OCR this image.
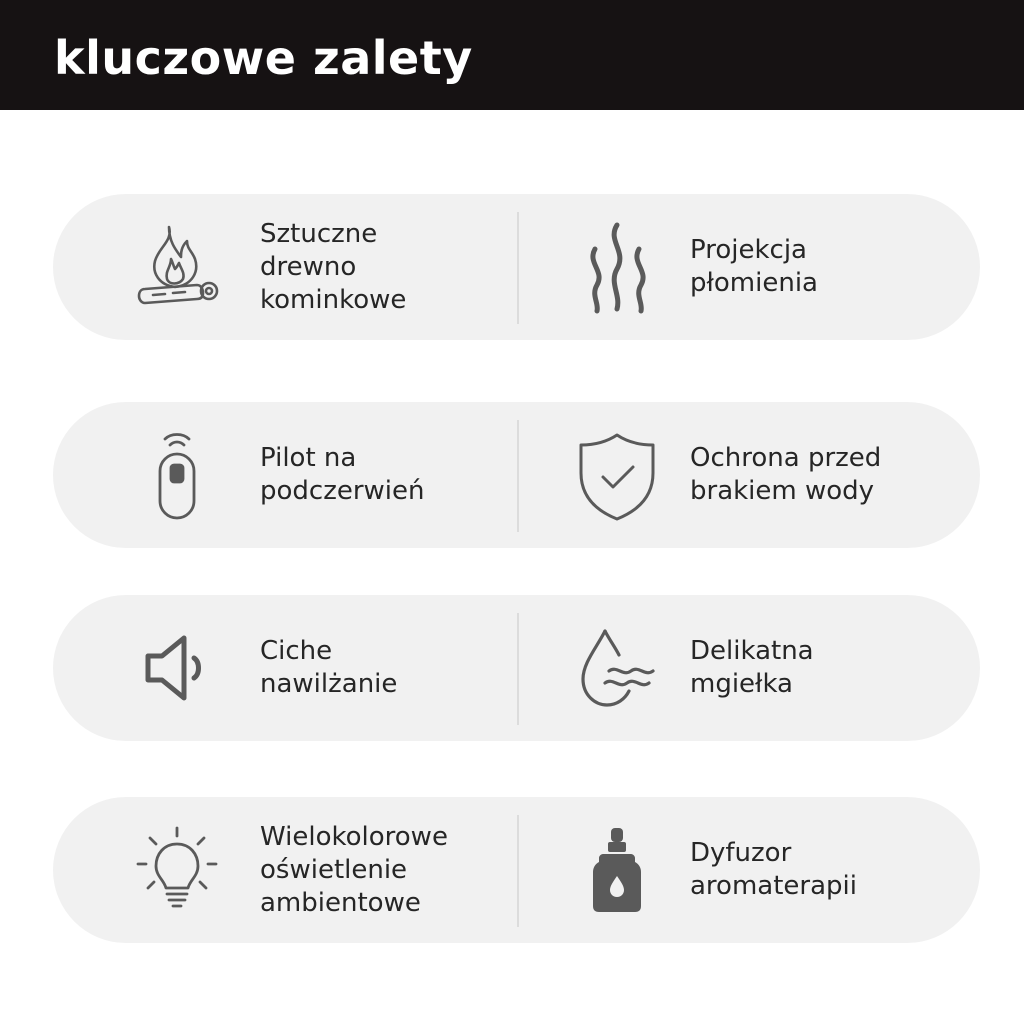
kluczowe zalety
Sztuczne
drewno
kominkowe
Projekcja
płomienia
Pilot na
podczerwień
Ochrona przed
brakiem wody
Ciche
nawilżanie
Delikatna
mgiełka
Wielokolorowe
oświetlenie
ambientowe
Dyfuzor
aromaterapii
